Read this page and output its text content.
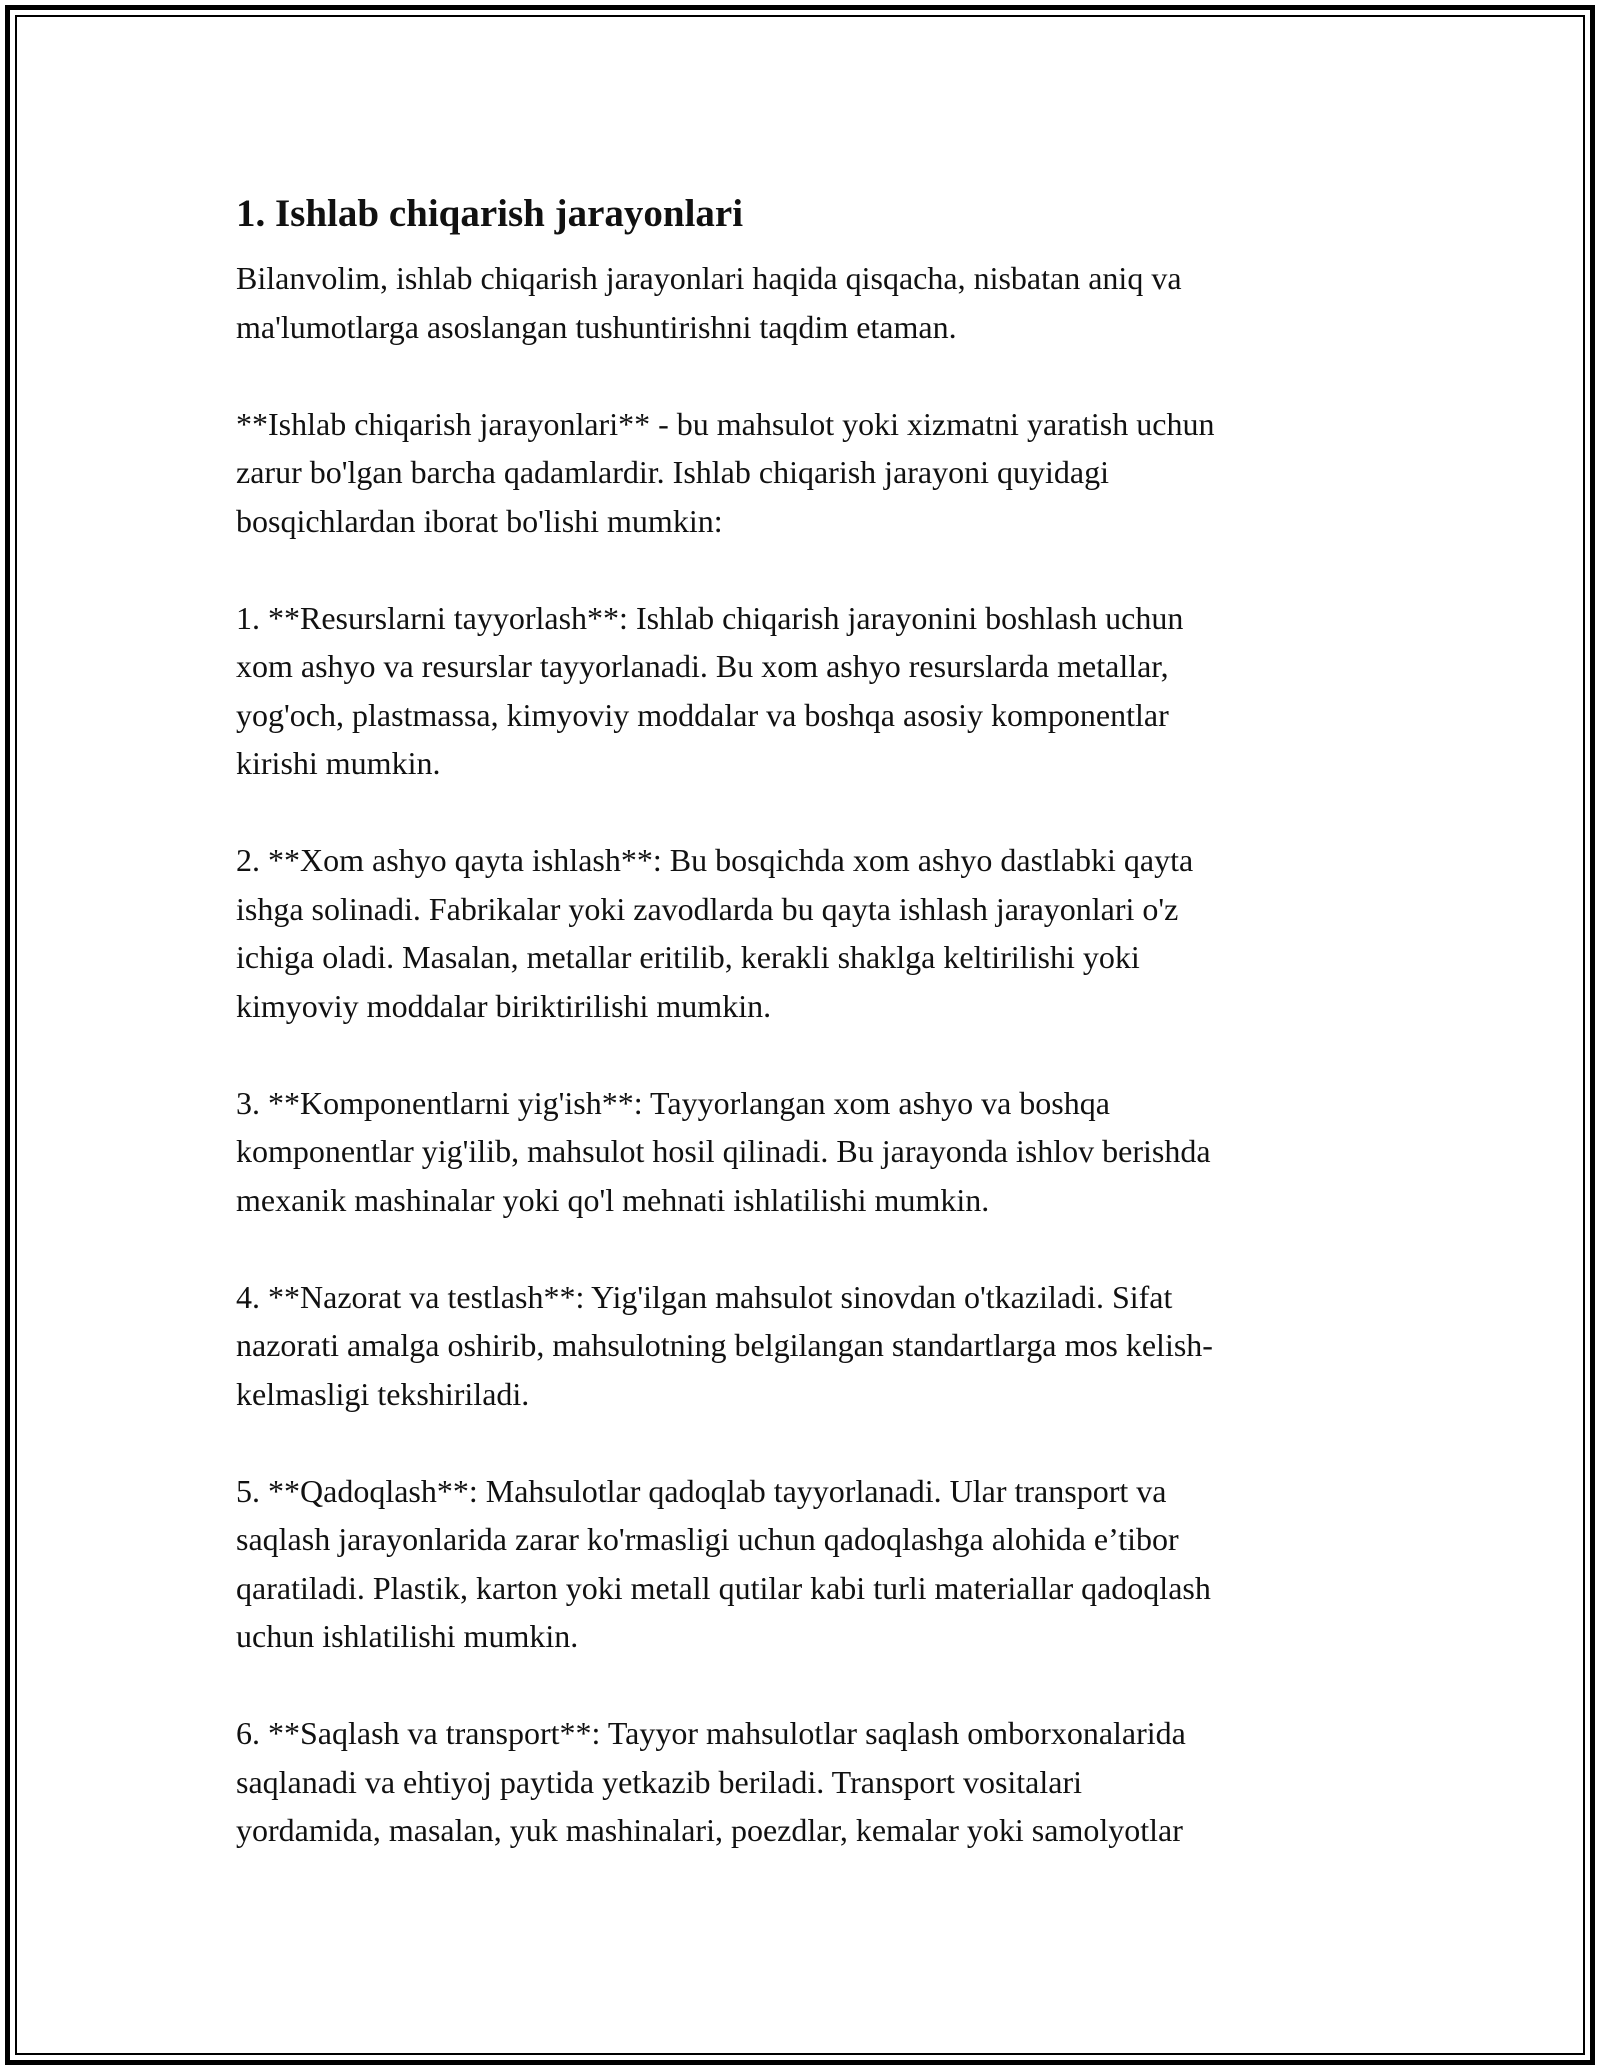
1. Ishlab chiqarish jarayonlari

Bilanvolim, ishlab chiqarish jarayonlari haqida qisqacha, nisbatan aniq va
ma'lumotlarga asoslangan tushuntirishni taqdim etaman.

**Ishlab chiqarish jarayonlari** - bu mahsulot yoki xizmatni yaratish uchun
zarur bo'lgan barcha qadamlardir. Ishlab chiqarish jarayoni quyidagi
bosqichlardan iborat bo'lishi mumkin:

1. **Resurslarni tayyorlash**: Ishlab chiqarish jarayonini boshlash uchun
xom ashyo va resurslar tayyorlanadi. Bu xom ashyo resurslarda metallar,
yog'och, plastmassa, kimyoviy moddalar va boshqa asosiy komponentlar
kirishi mumkin.

2. **Xom ashyo qayta ishlash**: Bu bosqichda xom ashyo dastlabki qayta
ishga solinadi. Fabrikalar yoki zavodlarda bu qayta ishlash jarayonlari o'z
ichiga oladi. Masalan, metallar eritilib, kerakli shaklga keltirilishi yoki
kimyoviy moddalar biriktirilishi mumkin.

3. **Komponentlarni yig'ish**: Tayyorlangan xom ashyo va boshqa
komponentlar yig'ilib, mahsulot hosil qilinadi. Bu jarayonda ishlov berishda
mexanik mashinalar yoki qo'l mehnati ishlatilishi mumkin.

4. **Nazorat va testlash**: Yig'ilgan mahsulot sinovdan o'tkaziladi. Sifat
nazorati amalga oshirib, mahsulotning belgilangan standartlarga mos kelish-
kelmasligi tekshiriladi.

5. **Qadoqlash**: Mahsulotlar qadoqlab tayyorlanadi. Ular transport va
saqlash jarayonlarida zarar ko'rmasligi uchun qadoqlashga alohida e’tibor
qaratiladi. Plastik, karton yoki metall qutilar kabi turli materiallar qadoqlash
uchun ishlatilishi mumkin.

6. **Saqlash va transport**: Tayyor mahsulotlar saqlash omborxonalarida
saqlanadi va ehtiyoj paytida yetkazib beriladi. Transport vositalari
yordamida, masalan, yuk mashinalari, poezdlar, kemalar yoki samolyotlar
